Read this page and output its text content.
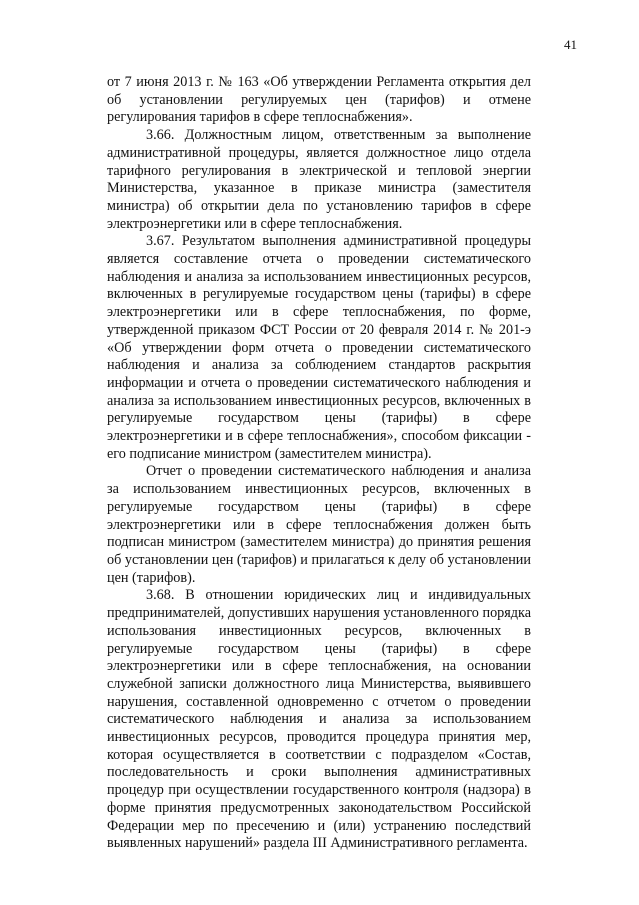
41

от 7 июня 2013 г. № 163 «Об утверждении Регламента открытия дел об установлении регулируемых цен (тарифов) и отмене регулирования тарифов в сфере теплоснабжения».

3.66. Должностным лицом, ответственным за выполнение административной процедуры, является должностное лицо отдела тарифного регулирования в электрической и тепловой энергии Министерства, указанное в приказе министра (заместителя министра) об открытии дела по установлению тарифов в сфере электроэнергетики или в сфере теплоснабжения.

3.67. Результатом выполнения административной процедуры является составление отчета о проведении систематического наблюдения и анализа за использованием инвестиционных ресурсов, включенных в регулируемые государством цены (тарифы) в сфере электроэнергетики или в сфере теплоснабжения, по форме, утвержденной приказом ФСТ России от 20 февраля 2014 г. № 201-э «Об утверждении форм отчета о проведении систематического наблюдения и анализа за соблюдением стандартов раскрытия информации и отчета о проведении систематического наблюдения и анализа за использованием инвестиционных ресурсов, включенных в регулируемые государством цены (тарифы) в сфере электроэнергетики и в сфере теплоснабжения», способом фиксации - его подписание министром (заместителем министра).

Отчет о проведении систематического наблюдения и анализа за использованием инвестиционных ресурсов, включенных в регулируемые государством цены (тарифы) в сфере электроэнергетики или в сфере теплоснабжения должен быть подписан министром (заместителем министра) до принятия решения об установлении цен (тарифов) и прилагаться к делу об установлении цен (тарифов).

3.68. В отношении юридических лиц и индивидуальных предпринимателей, допустивших нарушения установленного порядка использования инвестиционных ресурсов, включенных в регулируемые государством цены (тарифы) в сфере электроэнергетики или в сфере теплоснабжения, на основании служебной записки должностного лица Министерства, выявившего нарушения, составленной одновременно с отчетом о проведении систематического наблюдения и анализа за использованием инвестиционных ресурсов, проводится процедура принятия мер, которая осуществляется в соответствии с подразделом «Состав, последовательность и сроки выполнения административных процедур при осуществлении государственного контроля (надзора) в форме принятия предусмотренных законодательством Российской Федерации мер по пресечению и (или) устранению последствий выявленных нарушений» раздела III Административного регламента.
